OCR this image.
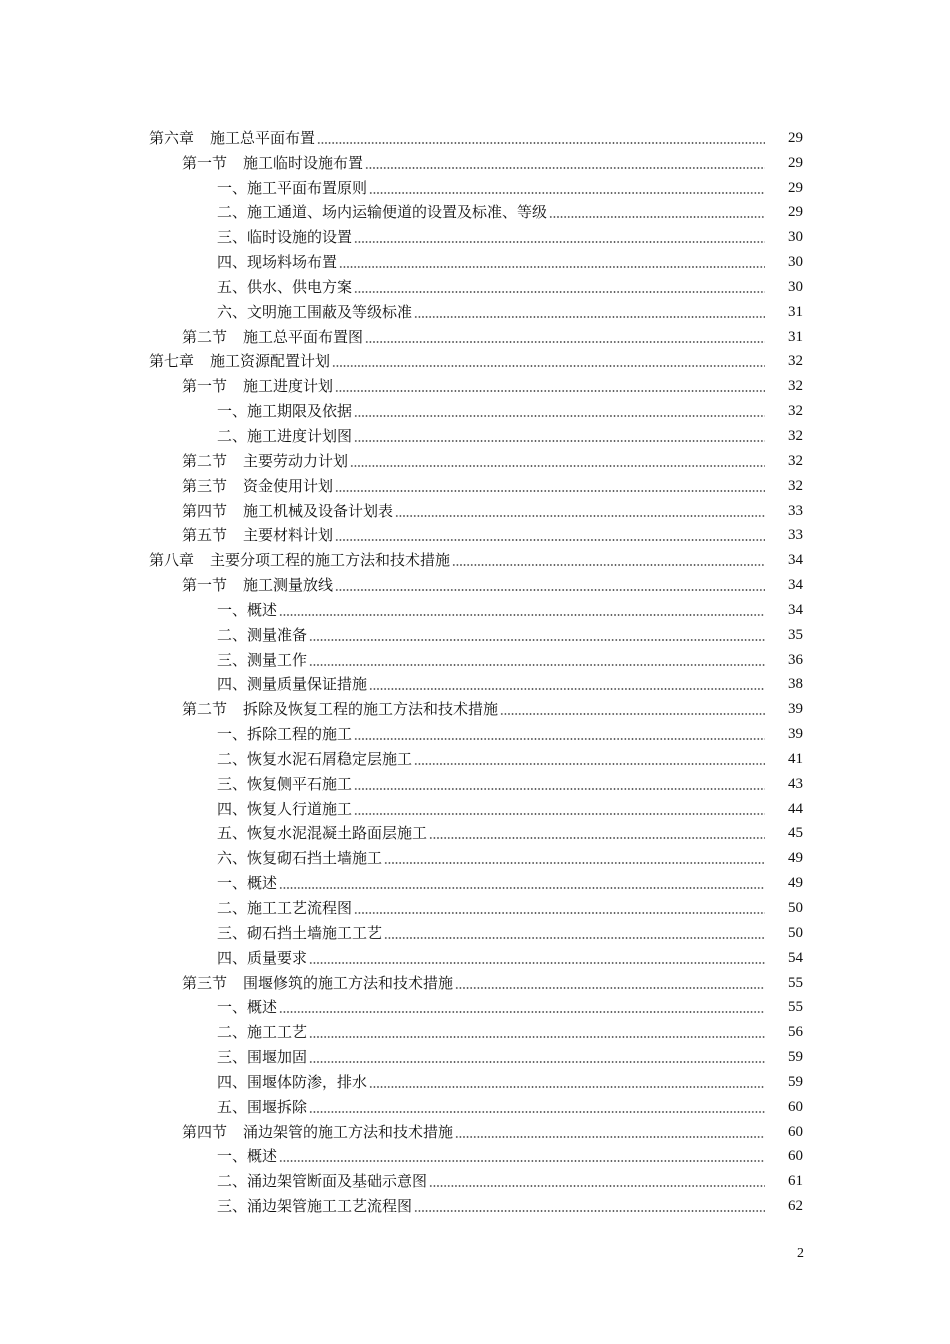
第六章 施工总平面布置	29
第一节 施工临时设施布置	29
一、施工平面布置原则	29
二、施工通道、场内运输便道的设置及标准、等级	29
三、临时设施的设置	30
四、现场料场布置	30
五、供水、供电方案	30
六、文明施工围蔽及等级标准	31
第二节 施工总平面布置图	31
第七章 施工资源配置计划	32
第一节 施工进度计划	32
一、施工期限及依据	32
二、施工进度计划图	32
第二节 主要劳动力计划	32
第三节 资金使用计划	32
第四节 施工机械及设备计划表	33
第五节 主要材料计划	33
第八章 主要分项工程的施工方法和技术措施	34
第一节 施工测量放线	34
一、概述	34
二、测量准备	35
三、测量工作	36
四、测量质量保证措施	38
第二节 拆除及恢复工程的施工方法和技术措施	39
一、拆除工程的施工	39
二、恢复水泥石屑稳定层施工	41
三、恢复侧平石施工	43
四、恢复人行道施工	44
五、恢复水泥混凝土路面层施工	45
六、恢复砌石挡土墙施工	49
一、概述	49
二、施工工艺流程图	50
三、砌石挡土墙施工工艺	50
四、质量要求	54
第三节 围堰修筑的施工方法和技术措施	55
一、概述	55
二、施工工艺	56
三、围堰加固	59
四、围堰体防渗，排水	59
五、围堰拆除	60
第四节 涌边架管的施工方法和技术措施	60
一、概述	60
二、涌边架管断面及基础示意图	61
三、涌边架管施工工艺流程图	62
2
